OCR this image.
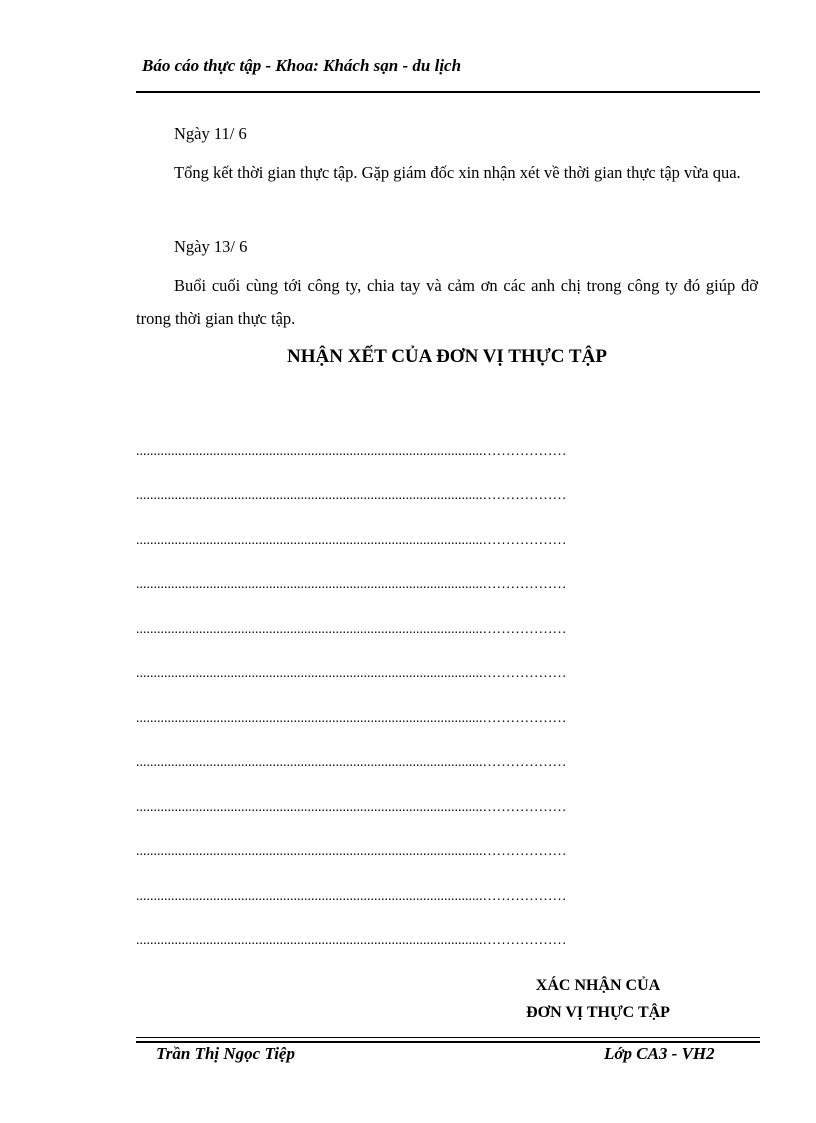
Báo cáo thực tập - Khoa: Khách sạn - du lịch
Ngày 11/ 6
Tổng kết thời gian thực tập. Gặp giám đốc xin nhận xét về thời gian thực tập vừa qua.
Ngày 13/ 6
Buổi cuối cùng tới công ty, chia tay và cảm ơn các anh chị trong công ty đó giúp đỡ trong thời gian thực tập.
NHẬN XẾT CỦA ĐƠN VỊ THỰC TẬP
...................................................................................................………………
...................................................................................................………………
...................................................................................................………………
...................................................................................................………………
...................................................................................................………………
...................................................................................................………………
...................................................................................................………………
...................................................................................................………………
...................................................................................................………………
...................................................................................................………………
...................................................................................................………………
...................................................................................................………………
XÁC NHẬN CỦA
ĐƠN VỊ THỰC TẬP
Trần Thị Ngọc Tiệp	Lớp CA3 - VH2
